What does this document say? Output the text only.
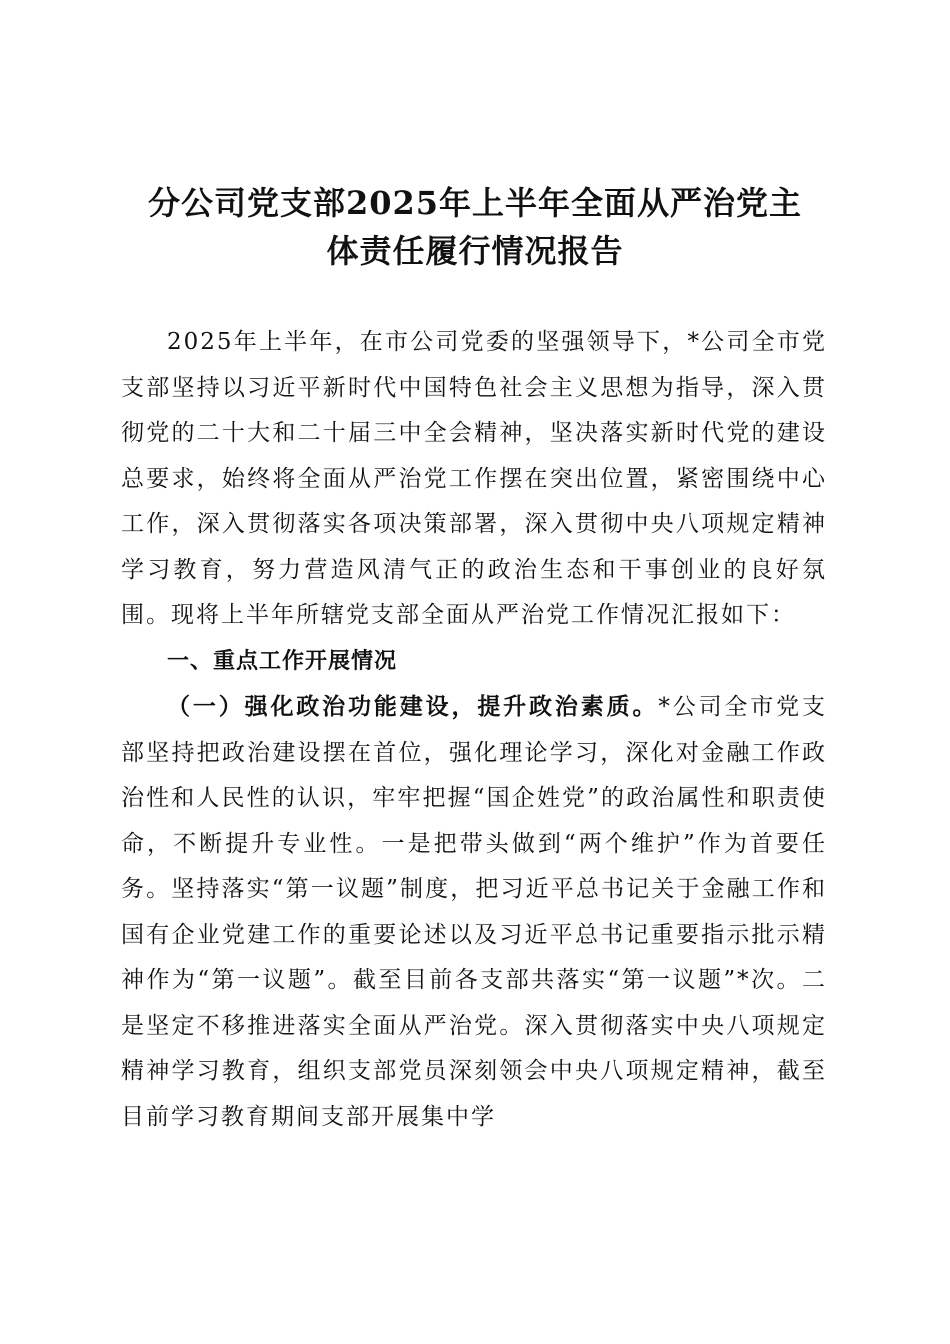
分公司党支部2025年上半年全面从严治党主
体责任履行情况报告

2025年上半年，在市公司党委的坚强领导下，*公司全市党支部坚持以习近平新时代中国特色社会主义思想为指导，深入贯彻党的二十大和二十届三中全会精神，坚决落实新时代党的建设总要求，始终将全面从严治党工作摆在突出位置，紧密围绕中心工作，深入贯彻落实各项决策部署，深入贯彻中央八项规定精神学习教育，努力营造风清气正的政治生态和干事创业的良好氛围。现将上半年所辖党支部全面从严治党工作情况汇报如下：

一、重点工作开展情况

（一）强化政治功能建设，提升政治素质。*公司全市党支部坚持把政治建设摆在首位，强化理论学习，深化对金融工作政治性和人民性的认识，牢牢把握“国企姓党”的政治属性和职责使命，不断提升专业性。一是把带头做到“两个维护”作为首要任务。坚持落实“第一议题”制度，把习近平总书记关于金融工作和国有企业党建工作的重要论述以及习近平总书记重要指示批示精神作为“第一议题”。截至目前各支部共落实“第一议题”*次。二是坚定不移推进落实全面从严治党。深入贯彻落实中央八项规定精神学习教育，组织支部党员深刻领会中央八项规定精神，截至目前学习教育期间支部开展集中学
